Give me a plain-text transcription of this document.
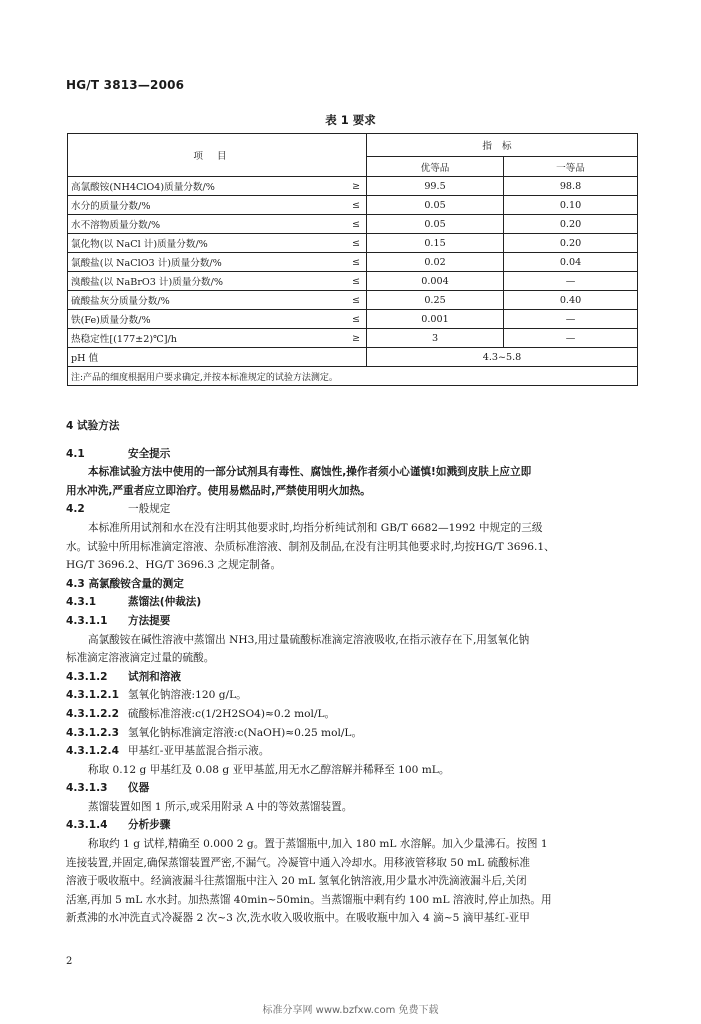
HG/T 3813—2006
表 1 要求
项目		指标	
		优等品	一等品
高氯酸铵(NH4ClO4)质量分数/%	≥	99.5	98.8
水分的质量分数/%	≤	0.05	0.10
水不溶物质量分数/%	≤	0.05	0.20
氯化物(以 NaCl 计)质量分数/%	≤	0.15	0.20
氯酸盐(以 NaClO3 计)质量分数/%	≤	0.02	0.04
溴酸盐(以 NaBrO3 计)质量分数/%	≤	0.004	—
硫酸盐灰分质量分数/%	≤	0.25	0.40
铁(Fe)质量分数/%	≤	0.001	—
热稳定性[(177±2)℃]/h	≥	3	—
pH 值		4.3~5.8	
注:产品的细度根据用户要求确定,并按本标准规定的试验方法测定。			

4 试验方法

4.1	安全提示

本标准试验方法中使用的一部分试剂具有毒性、腐蚀性,操作者须小心谨慎!如溅到皮肤上应立即

用水冲洗,严重者应立即治疗。使用易燃品时,严禁使用明火加热。

4.2	一般规定

本标准所用试剂和水在没有注明其他要求时,均指分析纯试剂和 GB/T 6682—1992 中规定的三级

水。试验中所用标准滴定溶液、杂质标准溶液、制剂及制品,在没有注明其他要求时,均按HG/T 3696.1、

HG/T 3696.2、HG/T 3696.3 之规定制备。

4.3 高氯酸铵含量的测定

4.3.1	蒸馏法(仲裁法)

4.3.1.1 方法提要

高氯酸铵在碱性溶液中蒸馏出 NH3,用过量硫酸标准滴定溶液吸收,在指示液存在下,用氢氧化钠

标准滴定溶液滴定过量的硫酸。

4.3.1.2 试剂和溶液

4.3.1.2.1 氢氧化钠溶液:120 g/L。

4.3.1.2.2 硫酸标准溶液:c(1/2H2SO4)≈0.2 mol/L。

4.3.1.2.3 氢氧化钠标准滴定溶液:c(NaOH)≈0.25 mol/L。

4.3.1.2.4 甲基红-亚甲基蓝混合指示液。

称取 0.12 g 甲基红及 0.08 g 亚甲基蓝,用无水乙醇溶解并稀释至 100 mL。

4.3.1.3 仪器

蒸馏装置如图 1 所示,或采用附录 A 中的等效蒸馏装置。

4.3.1.4 分析步骤

称取约 1 g 试样,精确至 0.000 2 g。置于蒸馏瓶中,加入 180 mL 水溶解。加入少量沸石。按图 1

连接装置,并固定,确保蒸馏装置严密,不漏气。冷凝管中通入冷却水。用移液管移取 50 mL 硫酸标准

溶液于吸收瓶中。经滴液漏斗往蒸馏瓶中注入 20 mL 氢氧化钠溶液,用少量水冲洗滴液漏斗后,关闭

活塞,再加 5 mL 水水封。加热蒸馏 40min~50min。当蒸馏瓶中剩有约 100 mL 溶液时,停止加热。用

新煮沸的水冲洗直式冷凝器 2 次~3 次,洗水收入吸收瓶中。在吸收瓶中加入 4 滴~5 滴甲基红-亚甲

2
标准分享网 www.bzfxw.com 免费下载
